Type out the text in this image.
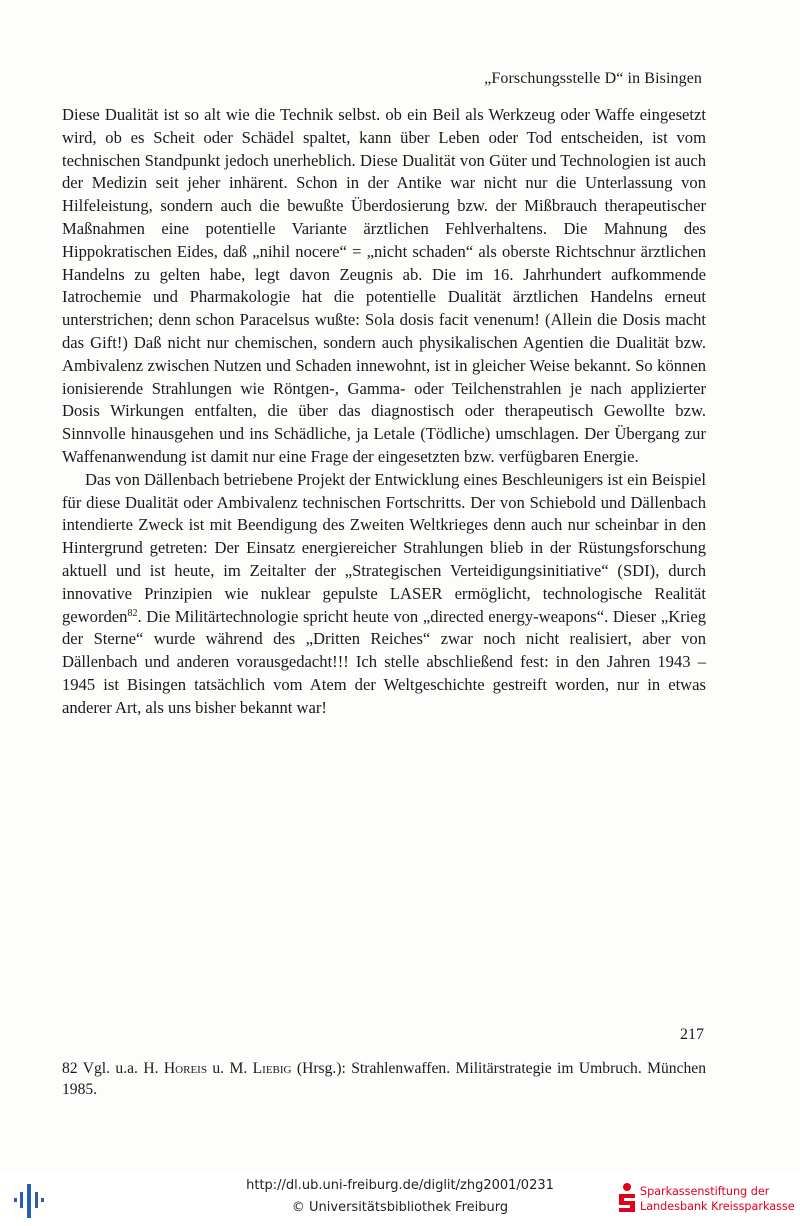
„Forschungsstelle D“ in Bisingen

Diese Dualität ist so alt wie die Technik selbst. ob ein Beil als Werkzeug oder Waffe eingesetzt wird, ob es Scheit oder Schädel spaltet, kann über Leben oder Tod entscheiden, ist vom technischen Standpunkt jedoch unerheblich. Diese Dualität von Güter und Technologien ist auch der Medizin seit jeher inhärent. Schon in der Antike war nicht nur die Unterlassung von Hilfeleistung, sondern auch die bewußte Überdosierung bzw. der Mißbrauch therapeutischer Maßnahmen eine potentielle Variante ärztlichen Fehlverhaltens. Die Mahnung des Hippokratischen Eides, daß „nihil nocere“ = „nicht schaden“ als oberste Richtschnur ärztlichen Handelns zu gelten habe, legt davon Zeugnis ab. Die im 16. Jahrhundert aufkommende Iatrochemie und Pharmakologie hat die potentielle Dualität ärztlichen Handelns erneut unterstrichen; denn schon Paracelsus wußte: Sola dosis facit venenum! (Allein die Dosis macht das Gift!) Daß nicht nur chemischen, sondern auch physikalischen Agentien die Dualität bzw. Ambivalenz zwischen Nutzen und Schaden innewohnt, ist in gleicher Weise bekannt. So können ionisierende Strahlungen wie Röntgen-, Gamma- oder Teilchenstrahlen je nach applizierter Dosis Wirkungen entfalten, die über das diagnostisch oder therapeutisch Gewollte bzw. Sinnvolle hinausgehen und ins Schädliche, ja Letale (Tödliche) umschlagen. Der Übergang zur Waffenanwendung ist damit nur eine Frage der eingesetzten bzw. verfügbaren Energie.

Das von Dällenbach betriebene Projekt der Entwicklung eines Beschleunigers ist ein Beispiel für diese Dualität oder Ambivalenz technischen Fortschritts. Der von Schiebold und Dällenbach intendierte Zweck ist mit Beendigung des Zweiten Weltkrieges denn auch nur scheinbar in den Hintergrund getreten: Der Einsatz energiereicher Strahlungen blieb in der Rüstungsforschung aktuell und ist heute, im Zeitalter der „Strategischen Verteidigungsinitiative“ (SDI), durch innovative Prinzipien wie nuklear gepulste LASER ermöglicht, technologische Realität geworden$^{82}$. Die Militärtechnologie spricht heute von „directed energy-weapons“. Dieser „Krieg der Sterne“ wurde während des „Dritten Reiches“ zwar noch nicht realisiert, aber von Dällenbach und anderen vorausgedacht!!! Ich stelle abschließend fest: in den Jahren 1943 – 1945 ist Bisingen tatsächlich vom Atem der Weltgeschichte gestreift worden, nur in etwas anderer Art, als uns bisher bekannt war!

82 Vgl. u.a. H. Horeis u. M. Liebig (Hrsg.): Strahlenwaffen. Militärstrategie im Umbruch. München 1985.
217
http://dl.ub.uni-freiburg.de/diglit/zhg2001/0231
© Universitätsbibliothek Freiburg
Sparkassenstiftung der
Landesbank Kreissparkasse
